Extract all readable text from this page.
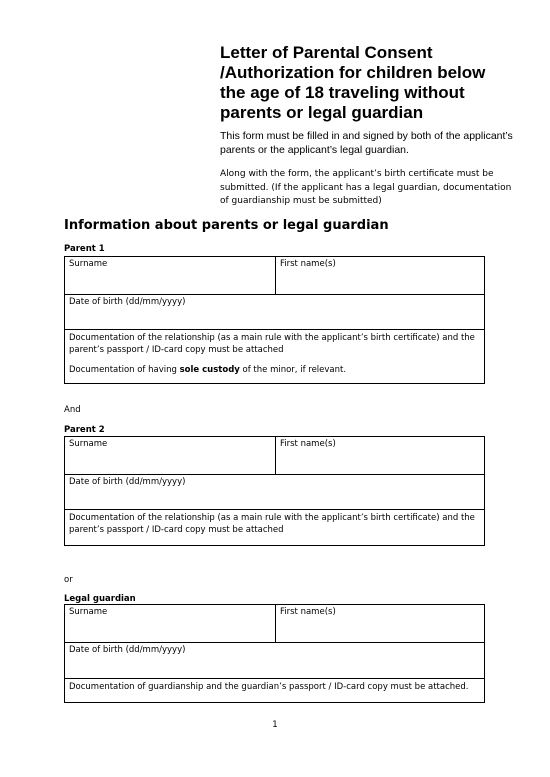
Letter of Parental Consent
/Authorization for children below
the age of 18 traveling without
parents or legal guardian
This form must be filled in and signed by both of the applicant’s parents or the applicant’s legal guardian.
Along with the form, the applicant’s birth certificate must be submitted. (If the applicant has a legal guardian, documentation of guardianship must be submitted)
Information about parents or legal guardian
Parent 1
Surname	First name(s)
Date of birth (dd/mm/yyyy)

Documentation of the relationship (as a main rule with the applicant’s birth certificate) and the parent’s passport / ID-card copy must be attached
Documentation of having sole custody of the minor, if relevant.
And
Parent 2
Surname	First name(s)
Date of birth (dd/mm/yyyy)

Documentation of the relationship (as a main rule with the applicant’s birth certificate) and the parent’s passport / ID-card copy must be attached
or
Legal guardian
Surname	First name(s)
Date of birth (dd/mm/yyyy)

Documentation of guardianship and the guardian’s passport / ID-card copy must be attached.
1
